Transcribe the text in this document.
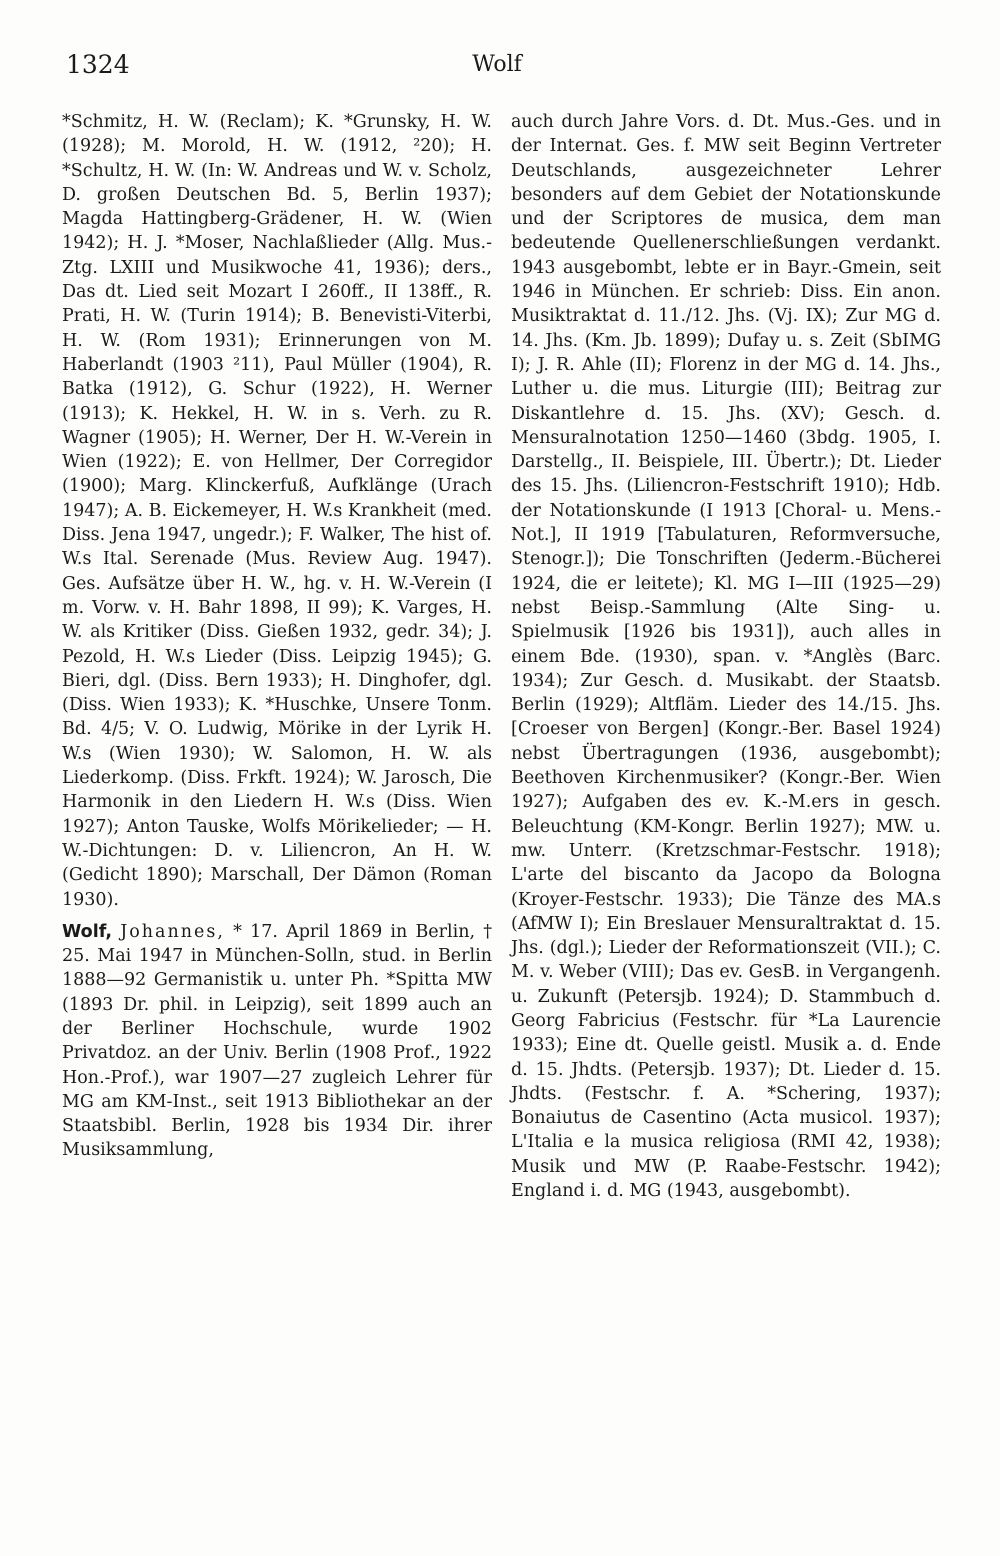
1324	Wolf

*Schmitz, H. W. (Reclam); K. *Grunsky, H. W. (1928); M. Morold, H. W. (1912, ²20); H. *Schultz, H. W. (In: W. Andreas und W. v. Scholz, D. großen Deutschen Bd. 5, Berlin 1937); Magda Hattingberg-Grädener, H. W. (Wien 1942); H. J. *Moser, Nachlaßlieder (Allg. Mus.-Ztg. LXIII und Musikwoche 41, 1936); ders., Das dt. Lied seit Mozart I 260ff., II 138ff., R. Prati, H. W. (Turin 1914); B. Benevisti-Viterbi, H. W. (Rom 1931); Erinnerungen von M. Haberlandt (1903 ²11), Paul Müller (1904), R. Batka (1912), G. Schur (1922), H. Werner (1913); K. Hekkel, H. W. in s. Verh. zu R. Wagner (1905); H. Werner, Der H. W.-Verein in Wien (1922); E. von Hellmer, Der Corregidor (1900); Marg. Klinckerfuß, Aufklänge (Urach 1947); A. B. Eickemeyer, H. W.s Krankheit (med. Diss. Jena 1947, ungedr.); F. Walker, The hist of. W.s Ital. Serenade (Mus. Review Aug. 1947). Ges. Aufsätze über H. W., hg. v. H. W.-Verein (I m. Vorw. v. H. Bahr 1898, II 99); K. Varges, H. W. als Kritiker (Diss. Gießen 1932, gedr. 34); J. Pezold, H. W.s Lieder (Diss. Leipzig 1945); G. Bieri, dgl. (Diss. Bern 1933); H. Dinghofer, dgl. (Diss. Wien 1933); K. *Huschke, Unsere Tonm. Bd. 4/5; V. O. Ludwig, Mörike in der Lyrik H. W.s (Wien 1930); W. Salomon, H. W. als Liederkomp. (Diss. Frkft. 1924); W. Jarosch, Die Harmonik in den Liedern H. W.s (Diss. Wien 1927); Anton Tauske, Wolfs Mörikelieder; — H. W.-Dichtungen: D. v. Liliencron, An H. W. (Gedicht 1890); Marschall, Der Dämon (Roman 1930).

Wolf, Johannes, * 17. April 1869 in Berlin, † 25. Mai 1947 in München-Solln, stud. in Berlin 1888—92 Germanistik u. unter Ph. *Spitta MW (1893 Dr. phil. in Leipzig), seit 1899 auch an der Berliner Hochschule, wurde 1902 Privatdoz. an der Univ. Berlin (1908 Prof., 1922 Hon.-Prof.), war 1907—27 zugleich Lehrer für MG am KM-Inst., seit 1913 Bibliothekar an der Staatsbibl. Berlin, 1928 bis 1934 Dir. ihrer Musiksammlung,

auch durch Jahre Vors. d. Dt. Mus.-Ges. und in der Internat. Ges. f. MW seit Beginn Vertreter Deutschlands, ausgezeichneter Lehrer besonders auf dem Gebiet der Notationskunde und der Scriptores de musica, dem man bedeutende Quellenerschließungen verdankt. 1943 ausgebombt, lebte er in Bayr.-Gmein, seit 1946 in München. Er schrieb: Diss. Ein anon. Musiktraktat d. 11./12. Jhs. (Vj. IX); Zur MG d. 14. Jhs. (Km. Jb. 1899); Dufay u. s. Zeit (SbIMG I); J. R. Ahle (II); Florenz in der MG d. 14. Jhs., Luther u. die mus. Liturgie (III); Beitrag zur Diskantlehre d. 15. Jhs. (XV); Gesch. d. Mensuralnotation 1250—1460 (3bdg. 1905, I. Darstellg., II. Beispiele, III. Übertr.); Dt. Lieder des 15. Jhs. (Liliencron-Festschrift 1910); Hdb. der Notationskunde (I 1913 [Choral- u. Mens.-Not.], II 1919 [Tabulaturen, Reformversuche, Stenogr.]); Die Tonschriften (Jederm.-Bücherei 1924, die er leitete); Kl. MG I—III (1925—29) nebst Beisp.-Sammlung (Alte Sing- u. Spielmusik [1926 bis 1931]), auch alles in einem Bde. (1930), span. v. *Anglès (Barc. 1934); Zur Gesch. d. Musikabt. der Staatsb. Berlin (1929); Altfläm. Lieder des 14./15. Jhs. [Croeser von Bergen] (Kongr.-Ber. Basel 1924) nebst Übertragungen (1936, ausgebombt); Beethoven Kirchenmusiker? (Kongr.-Ber. Wien 1927); Aufgaben des ev. K.-M.ers in gesch. Beleuchtung (KM-Kongr. Berlin 1927); MW. u. mw. Unterr. (Kretzschmar-Festschr. 1918); L'arte del biscanto da Jacopo da Bologna (Kroyer-Festschr. 1933); Die Tänze des MA.s (AfMW I); Ein Breslauer Mensuraltraktat d. 15. Jhs. (dgl.); Lieder der Reformationszeit (VII.); C. M. v. Weber (VIII); Das ev. GesB. in Vergangenh. u. Zukunft (Petersjb. 1924); D. Stammbuch d. Georg Fabricius (Festschr. für *La Laurencie 1933); Eine dt. Quelle geistl. Musik a. d. Ende d. 15. Jhdts. (Petersjb. 1937); Dt. Lieder d. 15. Jhdts. (Festschr. f. A. *Schering, 1937); Bonaiutus de Casentino (Acta musicol. 1937); L'Italia e la musica religiosa (RMI 42, 1938); Musik und MW (P. Raabe-Festschr. 1942); England i. d. MG (1943, ausgebombt).
